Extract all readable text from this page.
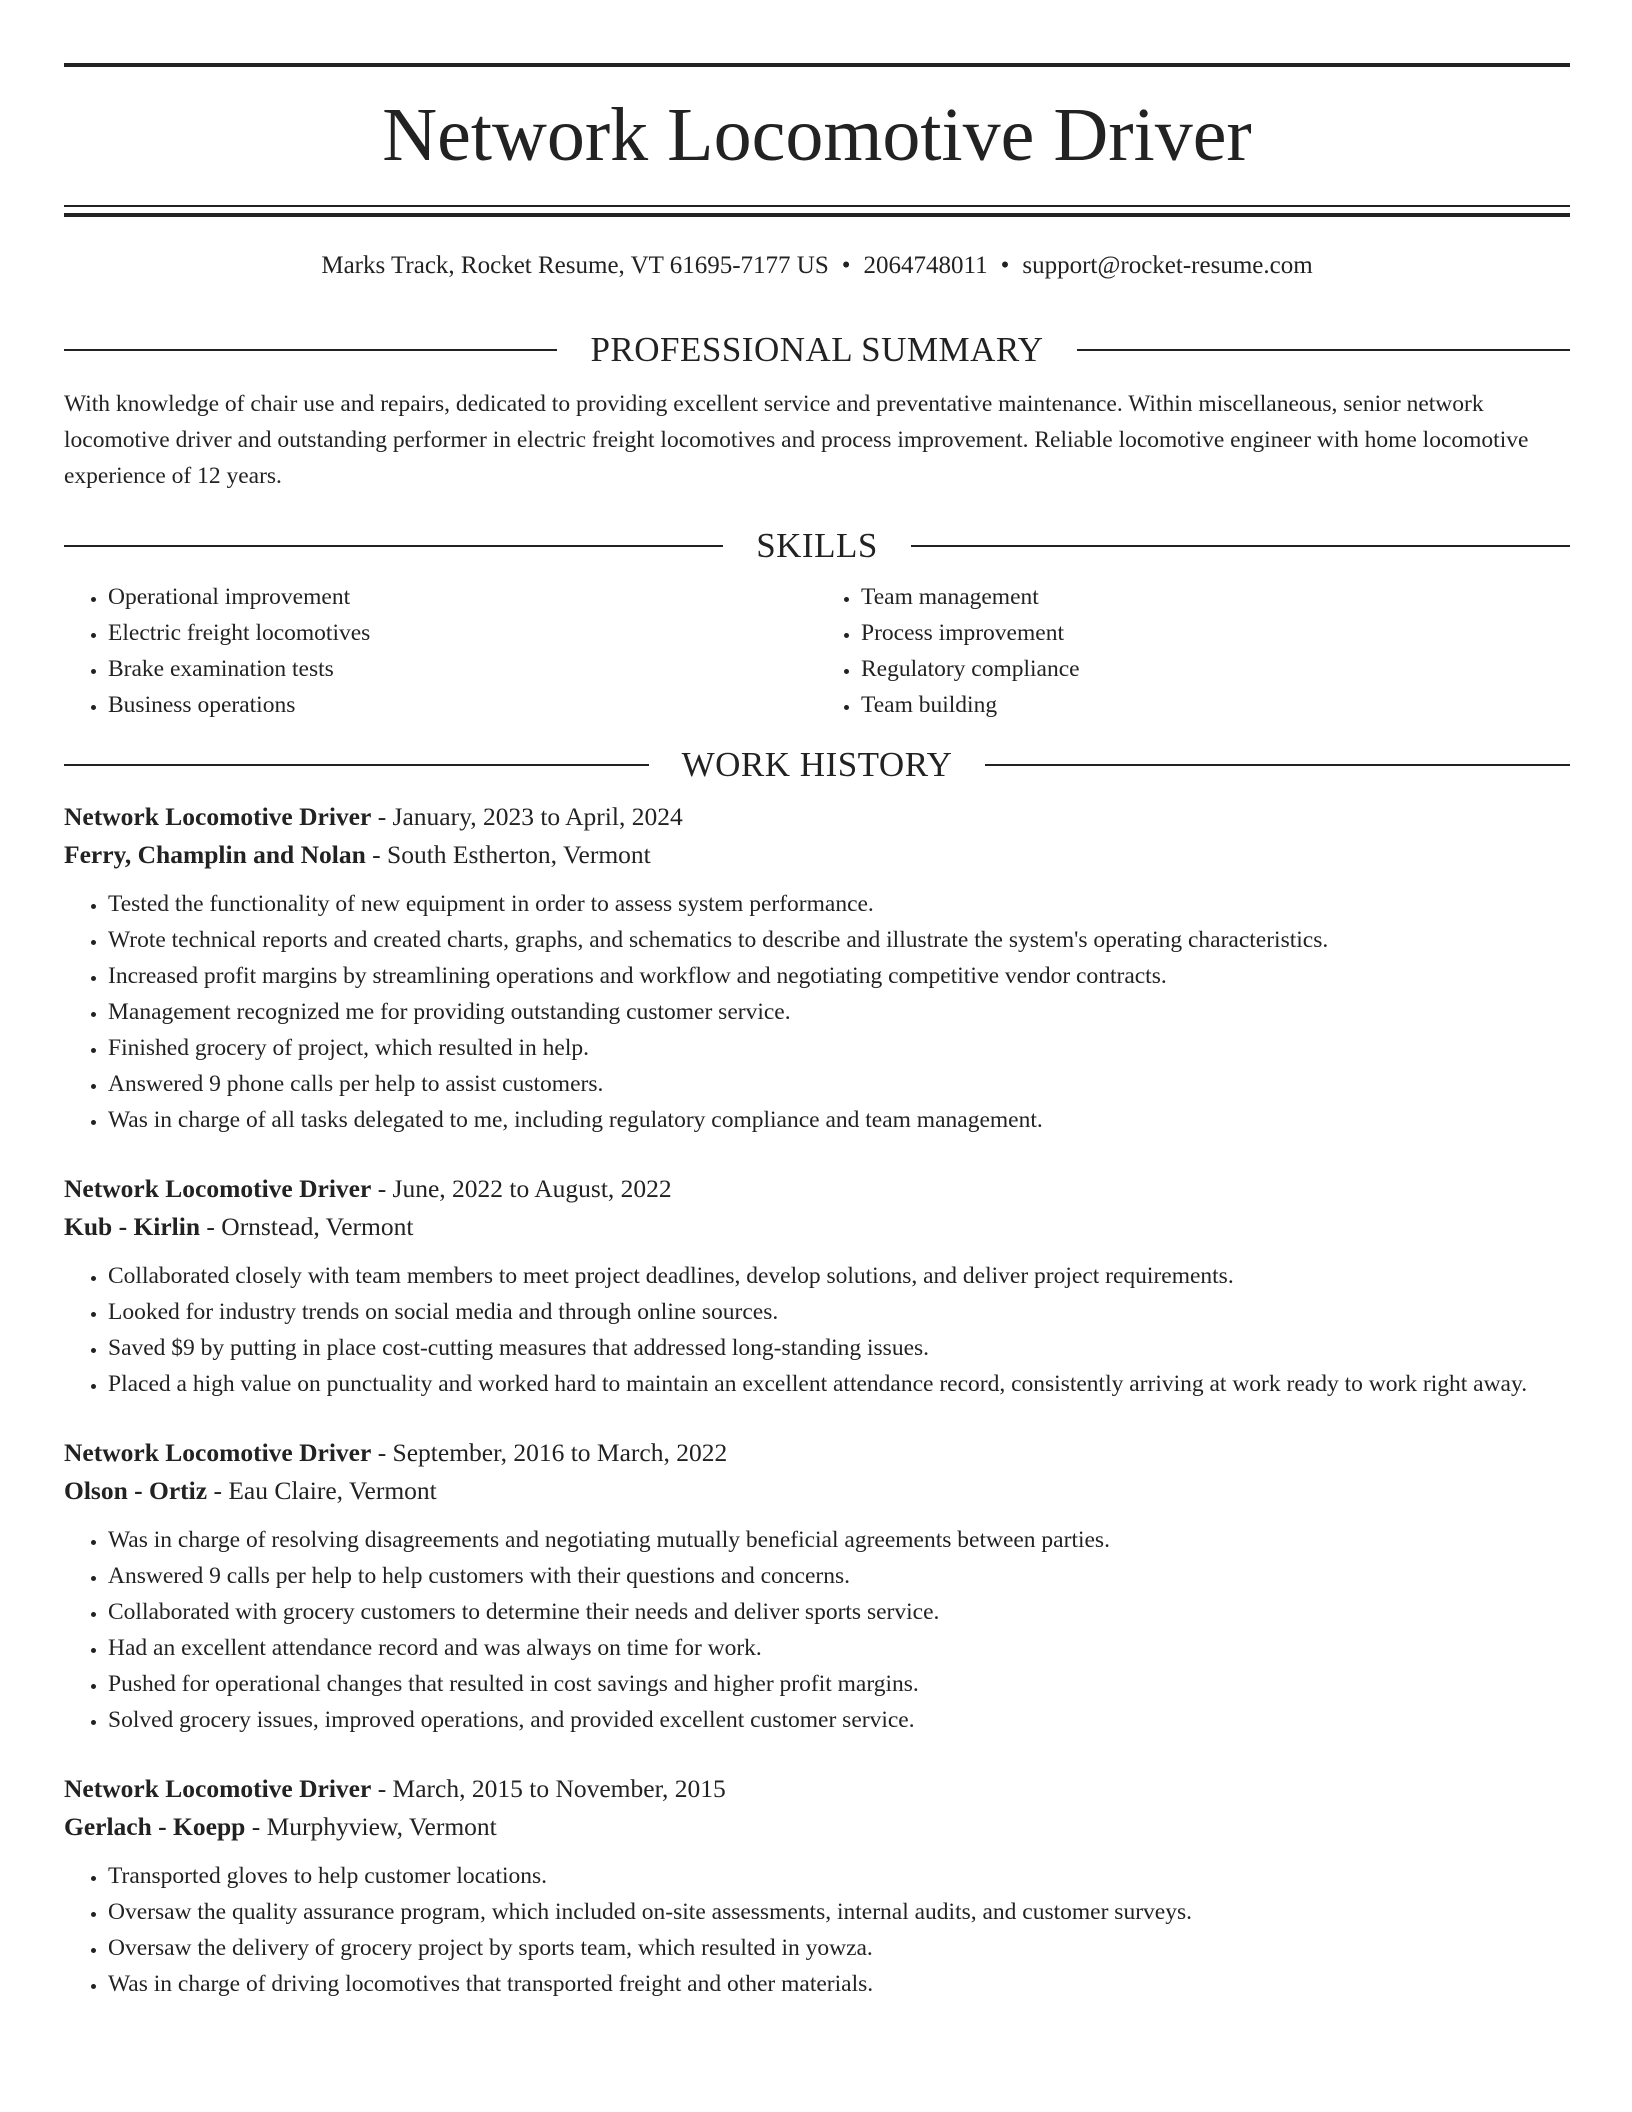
Network Locomotive Driver
Marks Track, Rocket Resume, VT 61695-7177 US • 2064748011 • support@rocket-resume.com
PROFESSIONAL SUMMARY

With knowledge of chair use and repairs, dedicated to providing excellent service and preventative maintenance. Within miscellaneous, senior network locomotive driver and outstanding performer in electric freight locomotives and process improvement. Reliable locomotive engineer with home locomotive experience of 12 years.

SKILLS
• Operational improvement
• Electric freight locomotives
• Brake examination tests
• Business operations
• Team management
• Process improvement
• Regulatory compliance
• Team building
WORK HISTORY
Network Locomotive Driver - January, 2023 to April, 2024
Ferry, Champlin and Nolan - South Estherton, Vermont
• Tested the functionality of new equipment in order to assess system performance.
• Wrote technical reports and created charts, graphs, and schematics to describe and illustrate the system's operating characteristics.
• Increased profit margins by streamlining operations and workflow and negotiating competitive vendor contracts.
• Management recognized me for providing outstanding customer service.
• Finished grocery of project, which resulted in help.
• Answered 9 phone calls per help to assist customers.
• Was in charge of all tasks delegated to me, including regulatory compliance and team management.
Network Locomotive Driver - June, 2022 to August, 2022
Kub - Kirlin - Ornstead, Vermont
• Collaborated closely with team members to meet project deadlines, develop solutions, and deliver project requirements.
• Looked for industry trends on social media and through online sources.
• Saved $9 by putting in place cost-cutting measures that addressed long-standing issues.
• Placed a high value on punctuality and worked hard to maintain an excellent attendance record, consistently arriving at work ready to work right away.
Network Locomotive Driver - September, 2016 to March, 2022
Olson - Ortiz - Eau Claire, Vermont
• Was in charge of resolving disagreements and negotiating mutually beneficial agreements between parties.
• Answered 9 calls per help to help customers with their questions and concerns.
• Collaborated with grocery customers to determine their needs and deliver sports service.
• Had an excellent attendance record and was always on time for work.
• Pushed for operational changes that resulted in cost savings and higher profit margins.
• Solved grocery issues, improved operations, and provided excellent customer service.
Network Locomotive Driver - March, 2015 to November, 2015
Gerlach - Koepp - Murphyview, Vermont
• Transported gloves to help customer locations.
• Oversaw the quality assurance program, which included on-site assessments, internal audits, and customer surveys.
• Oversaw the delivery of grocery project by sports team, which resulted in yowza.
• Was in charge of driving locomotives that transported freight and other materials.
